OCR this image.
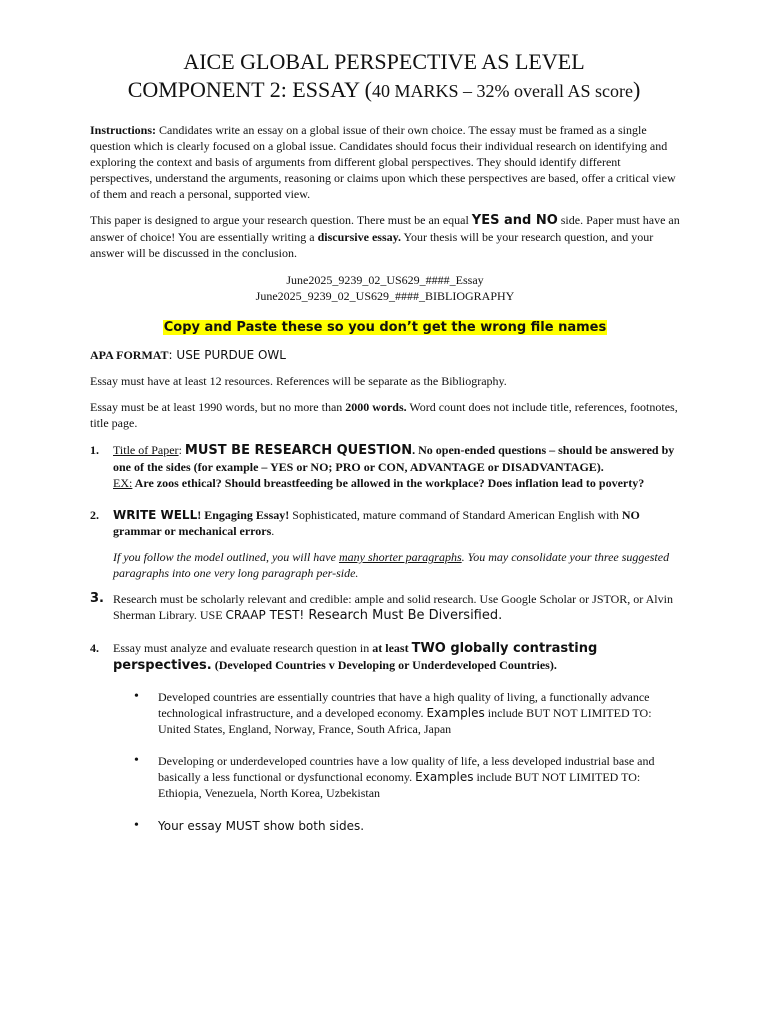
AICE GLOBAL PERSPECTIVE AS LEVEL
COMPONENT 2: ESSAY (40 MARKS – 32% overall AS score)

Instructions: Candidates write an essay on a global issue of their own choice. The essay must be framed as a single question which is clearly focused on a global issue. Candidates should focus their individual research on identifying and exploring the context and basis of arguments from different global perspectives. They should identify different perspectives, understand the arguments, reasoning or claims upon which these perspectives are based, offer a critical view of them and reach a personal, supported view.

This paper is designed to argue your research question. There must be an equal YES and NO side. Paper must have an answer of choice! You are essentially writing a discursive essay. Your thesis will be your research question, and your answer will be discussed in the conclusion.

June2025_9239_02_US629_####_Essay
June2025_9239_02_US629_####_BIBLIOGRAPHY
Copy and Paste these so you don’t get the wrong file names
APA FORMAT: USE PURDUE OWL
Essay must have at least 12 resources. References will be separate as the Bibliography.

Essay must be at least 1990 words, but no more than 2000 words. Word count does not include title, references, footnotes, title page.

1.	Title of Paper: MUST BE RESEARCH QUESTION. No open-ended questions – should be answered by one of the sides (for example – YES or NO; PRO or CON, ADVANTAGE or DISADVANTAGE).
EX: Are zoos ethical? Should breastfeeding be allowed in the workplace? Does inflation lead to poverty?

2.	WRITE WELL! Engaging Essay! Sophisticated, mature command of Standard American English with NO grammar or mechanical errors.

If you follow the model outlined, you will have many shorter paragraphs. You may consolidate your three suggested paragraphs into one very long paragraph per-side.

3. Research must be scholarly relevant and credible: ample and solid research. Use Google Scholar or JSTOR, or Alvin Sherman Library. USE CRAAP TEST! Research Must Be Diversified.

4.	Essay must analyze and evaluate research question in at least TWO globally contrasting perspectives. (Developed Countries v Developing or Underdeveloped Countries).

•	Developed countries are essentially countries that have a high quality of living, a functionally advance technological infrastructure, and a developed economy. Examples include BUT NOT LIMITED TO: United States, England, Norway, France, South Africa, Japan

•	Developing or underdeveloped countries have a low quality of life, a less developed industrial base and basically a less functional or dysfunctional economy. Examples include BUT NOT LIMITED TO: Ethiopia, Venezuela, North Korea, Uzbekistan

•	Your essay MUST show both sides.
